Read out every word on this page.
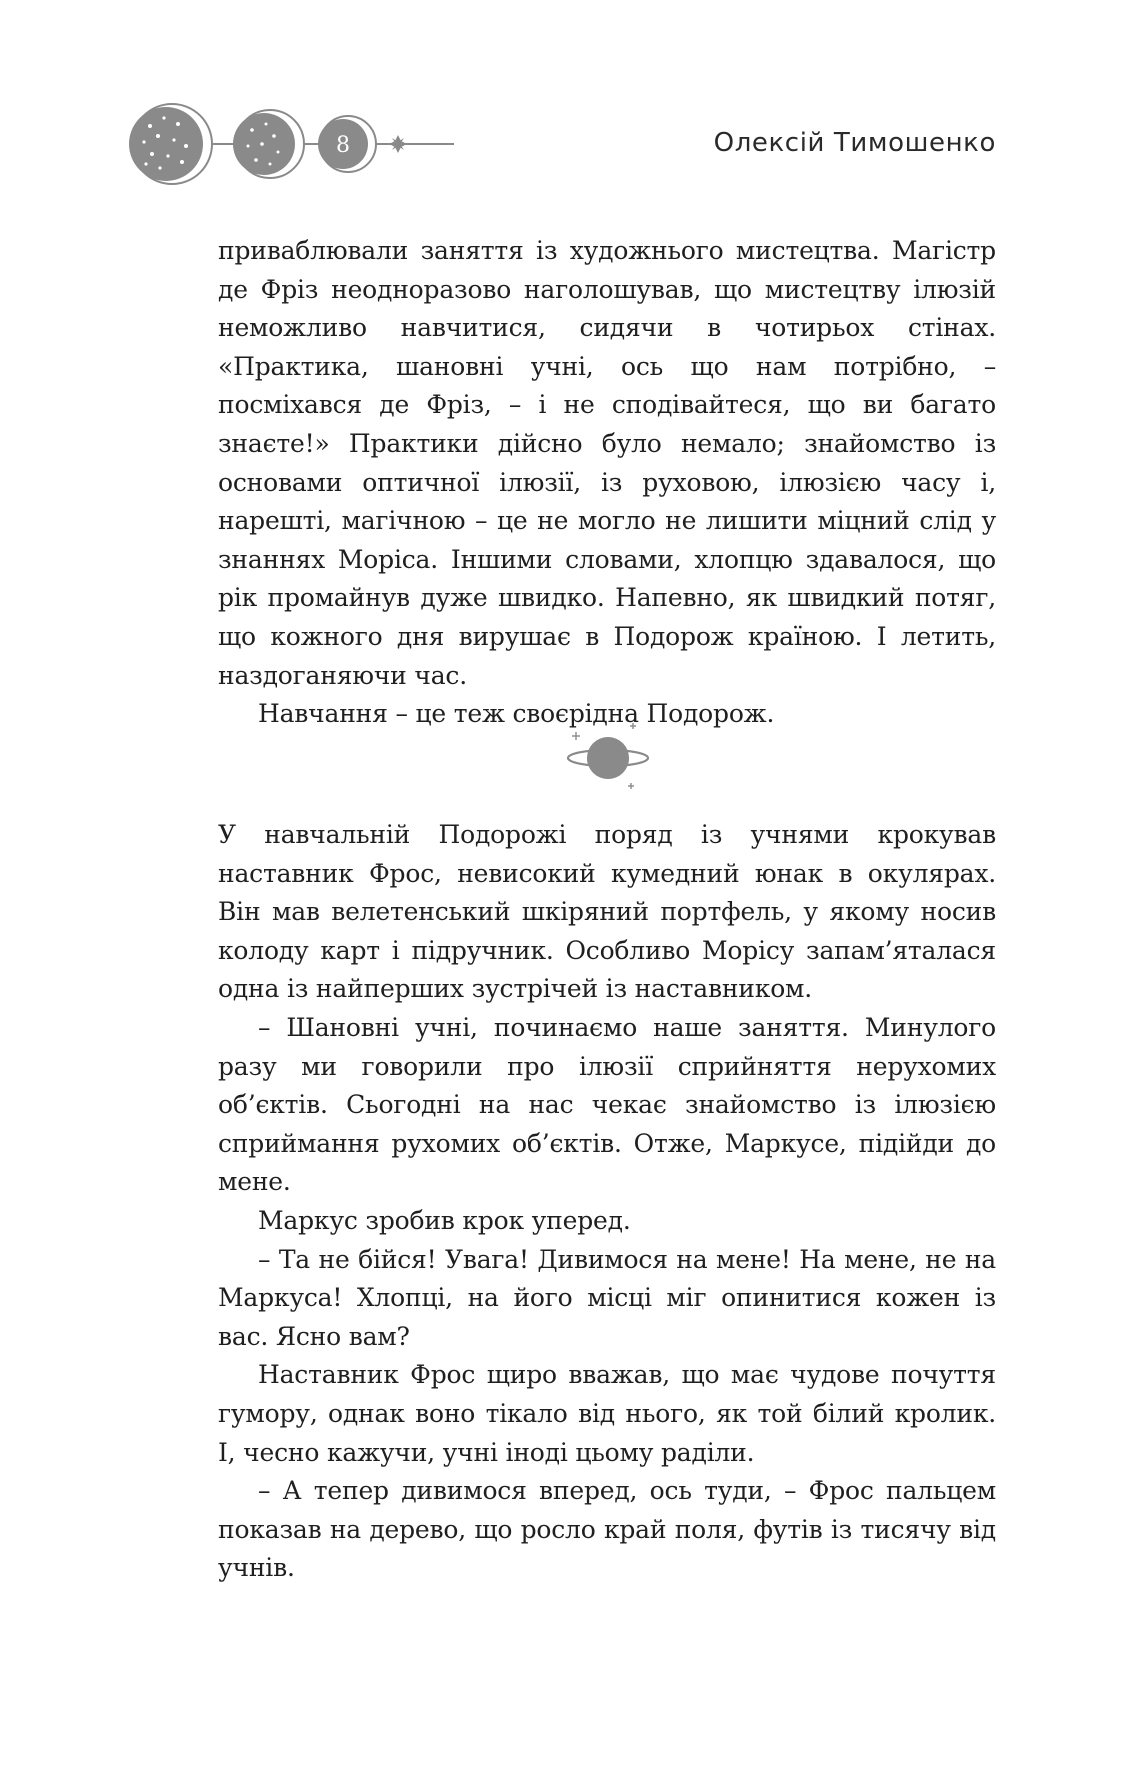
8	Олексій Тимошенко

приваблювали заняття із художнього мистецтва. Магістр де Фріз неодноразово наголошував, що мистецтву ілюзій неможливо навчитися, сидячи в чотирьох стінах. «Практика, шановні учні, ось що нам потрібно, – посміхався де Фріз, – і не сподівайтеся, що ви багато знаєте!» Практики дійсно було немало; знайомство із основами оптичної ілюзії, із руховою, ілюзією часу і, нарешті, магічною – це не могло не лишити міцний слід у знаннях Моріса. Іншими словами, хлопцю здавалося, що рік промайнув дуже швидко. Напевно, як швидкий потяг, що кожного дня вирушає в Подорож країною. І летить, наздоганяючи час.

Навчання – це теж своєрідна Подорож.

У навчальній Подорожі поряд із учнями крокував наставник Фрос, невисокий кумедний юнак в окулярах. Він мав велетенський шкіряний портфель, у якому носив колоду карт і підручник. Особливо Морісу запам’яталася одна із найперших зустрічей із наставником.

– Шановні учні, починаємо наше заняття. Минулого разу ми говорили про ілюзії сприйняття нерухомих об’єктів. Сьогодні на нас чекає знайомство із ілюзією сприймання рухомих об’єктів. Отже, Маркусе, підійди до мене.

Маркус зробив крок уперед.

– Та не бійся! Увага! Дивимося на мене! На мене, не на Маркуса! Хлопці, на його місці міг опинитися кожен із вас. Ясно вам?

Наставник Фрос щиро вважав, що має чудове почуття гумору, однак воно тікало від нього, як той білий кролик. І, чесно кажучи, учні іноді цьому раділи.

– А тепер дивимося вперед, ось туди, – Фрос пальцем показав на дерево, що росло край поля, футів із тисячу від учнів.
